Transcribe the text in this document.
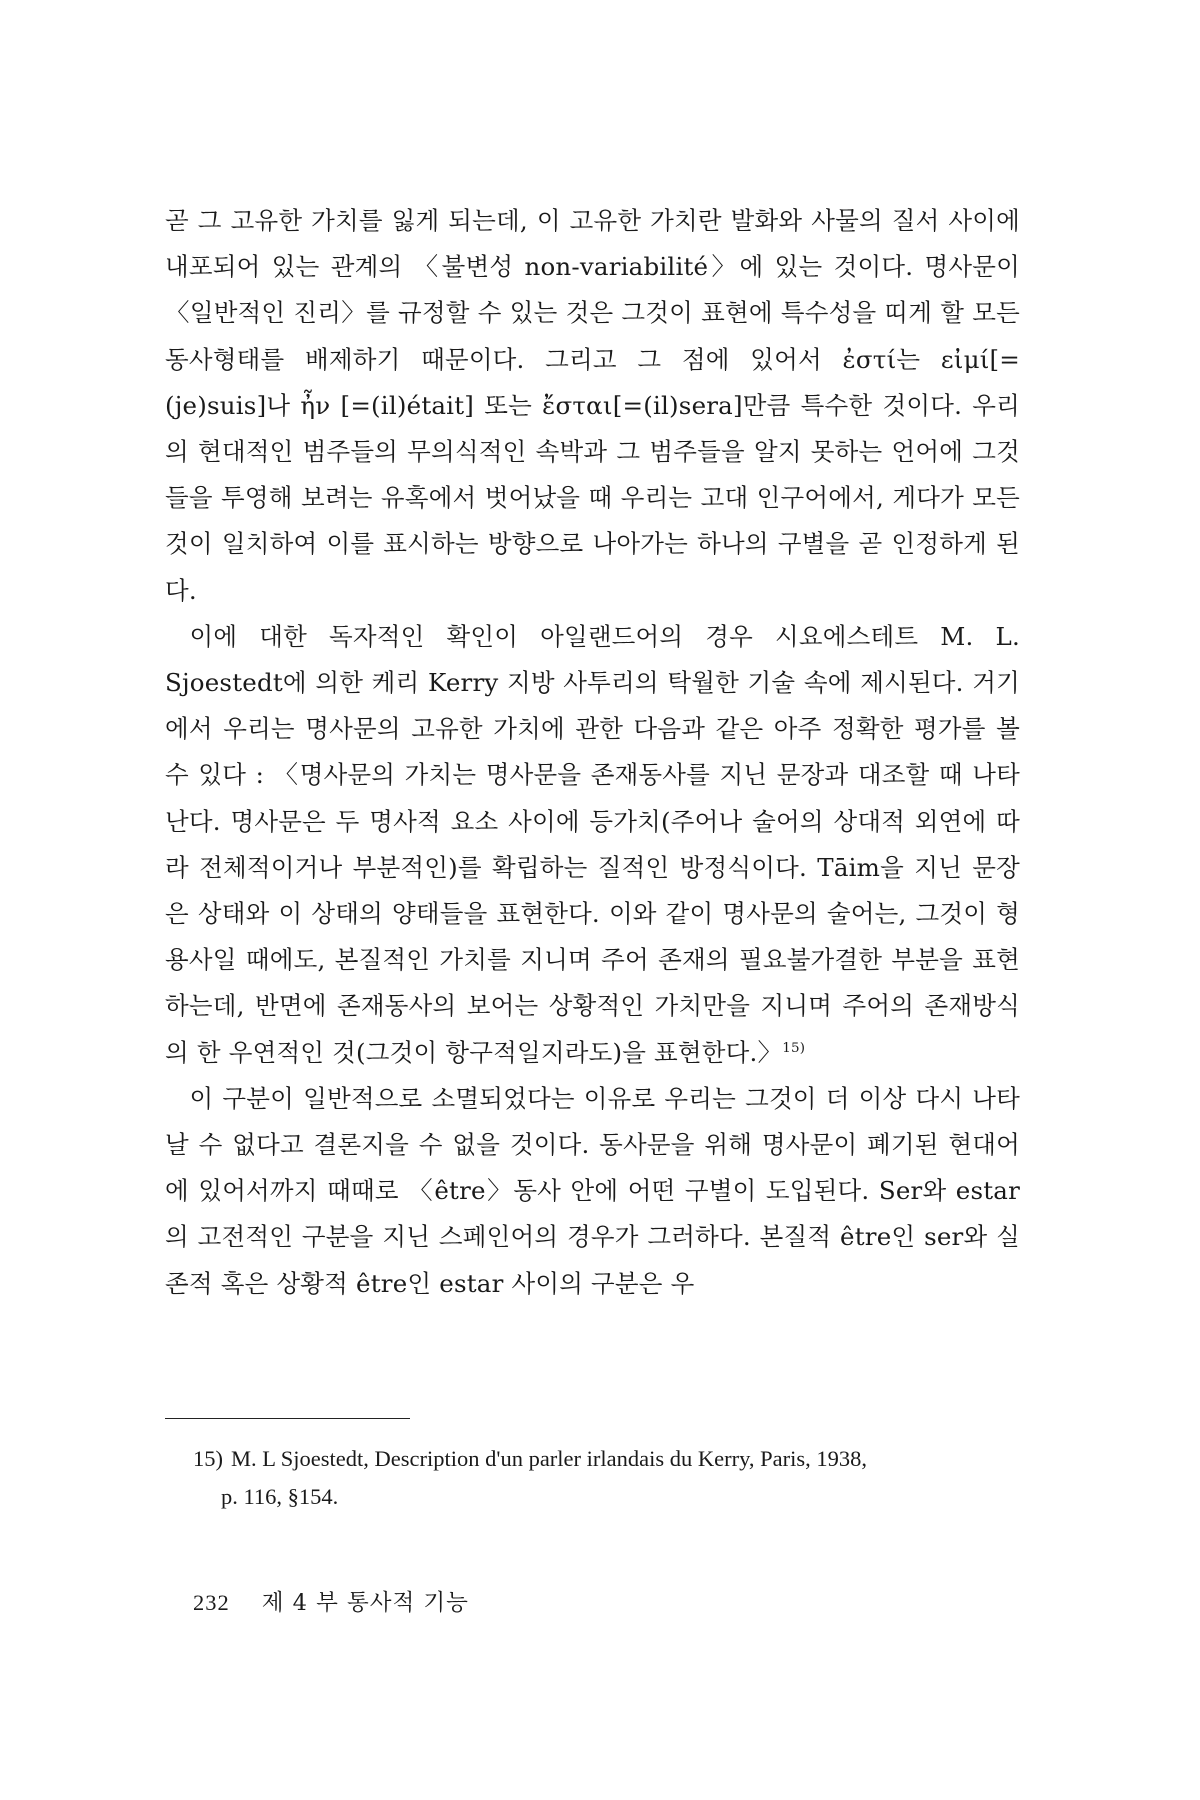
곧 그 고유한 가치를 잃게 되는데, 이 고유한 가치란 발화와 사물의 질서 사이에 내포되어 있는 관계의 〈불변성 non-variabilité〉에 있는 것이다. 명사문이 〈일반적인 진리〉를 규정할 수 있는 것은 그것이 표현에 특수성을 띠게 할 모든 동사형태를 배제하기 때문이다. 그리고 그 점에 있어서 ἐστί는 εἰμί[=(je)suis]나 ἦν [=(il)était] 또는 ἔσται[=(il)sera]만큼 특수한 것이다. 우리의 현대적인 범주들의 무의식적인 속박과 그 범주들을 알지 못하는 언어에 그것들을 투영해 보려는 유혹에서 벗어났을 때 우리는 고대 인구어에서, 게다가 모든 것이 일치하여 이를 표시하는 방향으로 나아가는 하나의 구별을 곧 인정하게 된다.

이에 대한 독자적인 확인이 아일랜드어의 경우 시요에스테트 M. L. Sjoestedt에 의한 케리 Kerry 지방 사투리의 탁월한 기술 속에 제시된다. 거기에서 우리는 명사문의 고유한 가치에 관한 다음과 같은 아주 정확한 평가를 볼 수 있다 : 〈명사문의 가치는 명사문을 존재동사를 지닌 문장과 대조할 때 나타난다. 명사문은 두 명사적 요소 사이에 등가치(주어나 술어의 상대적 외연에 따라 전체적이거나 부분적인)를 확립하는 질적인 방정식이다. Tāim을 지닌 문장은 상태와 이 상태의 양태들을 표현한다. 이와 같이 명사문의 술어는, 그것이 형용사일 때에도, 본질적인 가치를 지니며 주어 존재의 필요불가결한 부분을 표현하는데, 반면에 존재동사의 보어는 상황적인 가치만을 지니며 주어의 존재방식의 한 우연적인 것(그것이 항구적일지라도)을 표현한다.〉$^{15)}$

이 구분이 일반적으로 소멸되었다는 이유로 우리는 그것이 더 이상 다시 나타날 수 없다고 결론지을 수 없을 것이다. 동사문을 위해 명사문이 폐기된 현대어에 있어서까지 때때로 〈être〉동사 안에 어떤 구별이 도입된다. Ser와 estar의 고전적인 구분을 지닌 스페인어의 경우가 그러하다. 본질적 être인 ser와 실존적 혹은 상황적 être인 estar 사이의 구분은 우

15) M. L Sjoestedt, Description d'un parler irlandais du Kerry, Paris, 1938,
p. 116, §154.
232 제 4 부 통사적 기능
